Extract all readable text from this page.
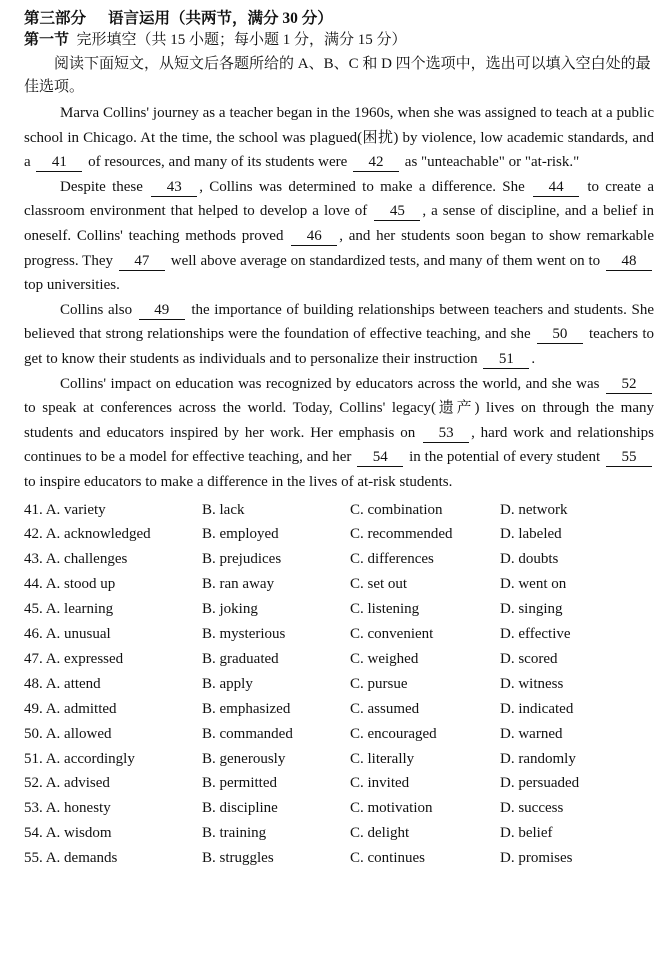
第三部分 语言运用（共两节，满分 30 分）
第一节 完形填空（共 15 小题；每小题 1 分，满分 15 分）
阅读下面短文，从短文后各题所给的 A、B、C 和 D 四个选项中，选出可以填入空白处的最佳选项。

Marva Collins' journey as a teacher began in the 1960s, when she was assigned to teach at a public school in Chicago. At the time, the school was plagued(困扰) by violence, low academic standards, and a 41 of resources, and many of its students were 42 as "unteachable" or "at-risk."

Despite these 43 , Collins was determined to make a difference. She 44 to create a classroom environment that helped to develop a love of 45 , a sense of discipline, and a belief in oneself. Collins' teaching methods proved 46 , and her students soon began to show remarkable progress. They 47 well above average on standardized tests, and many of them went on to 48 top universities.

Collins also 49 the importance of building relationships between teachers and students. She believed that strong relationships were the foundation of effective teaching, and she 50 teachers to get to know their students as individuals and to personalize their instruction 51 .

Collins' impact on education was recognized by educators across the world, and she was 52 to speak at conferences across the world. Today, Collins' legacy(遗产) lives on through the many students and educators inspired by her work. Her emphasis on 53 , hard work and relationships continues to be a model for effective teaching, and her 54 in the potential of every student 55 to inspire educators to make a difference in the lives of at-risk students.

41. A. variety	B. lack	C. combination	D. network
42. A. acknowledged	B. employed	C. recommended	D. labeled
43. A. challenges	B. prejudices	C. differences	D. doubts
44. A. stood up	B. ran away	C. set out	D. went on
45. A. learning	B. joking	C. listening	D. singing
46. A. unusual	B. mysterious	C. convenient	D. effective
47. A. expressed	B. graduated	C. weighed	D. scored
48. A. attend	B. apply	C. pursue	D. witness
49. A. admitted	B. emphasized	C. assumed	D. indicated
50. A. allowed	B. commanded	C. encouraged	D. warned
51. A. accordingly	B. generously	C. literally	D. randomly
52. A. advised	B. permitted	C. invited	D. persuaded
53. A. honesty	B. discipline	C. motivation	D. success
54. A. wisdom	B. training	C. delight	D. belief
55. A. demands	B. struggles	C. continues	D. promises
